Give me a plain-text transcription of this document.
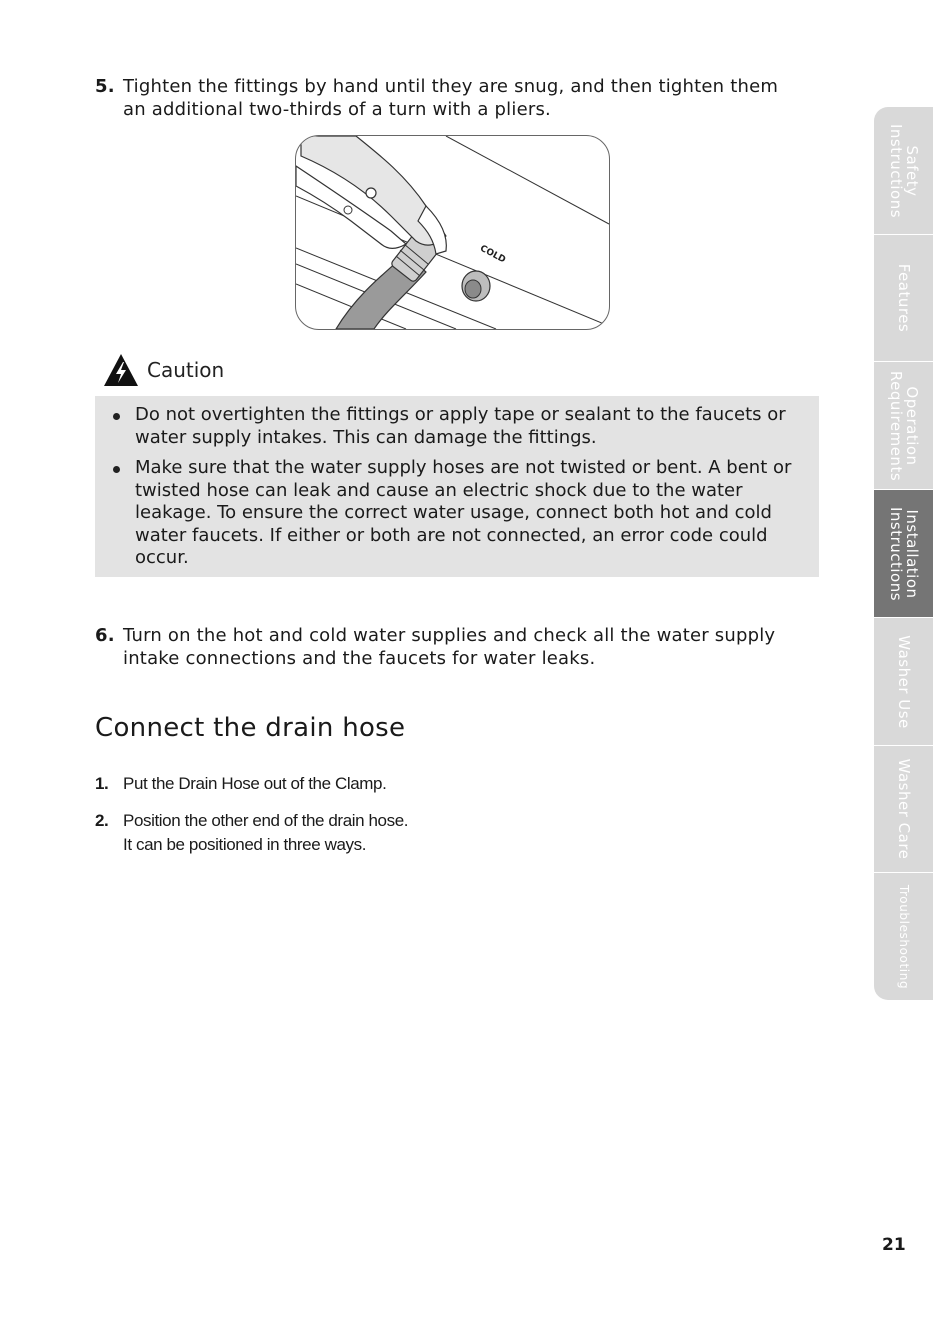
5. Tighten the fittings by hand until they are snug, and then tighten them an additional two-thirds of a turn with a pliers.
COLD
Caution
Do not overtighten the fittings or apply tape or sealant to the faucets or water supply intakes. This can damage the fittings.
Make sure that the water supply hoses are not twisted or bent. A bent or twisted hose can leak and cause an electric shock due to the water leakage. To ensure the correct water usage, connect both hot and cold water faucets. If either or both are not connected, an error code could occur.
6. Turn on the hot and cold water supplies and check all the water supply intake connections and the faucets for water leaks.
Connect the drain hose
1. Put the Drain Hose out of the Clamp.
2. Position the other end of the drain hose.
It can be positioned in three ways.
Safety
Instructions
Features
Operation
Requirements
Installation
Instructions
Washer Use
Washer Care
Troubleshooting
21
